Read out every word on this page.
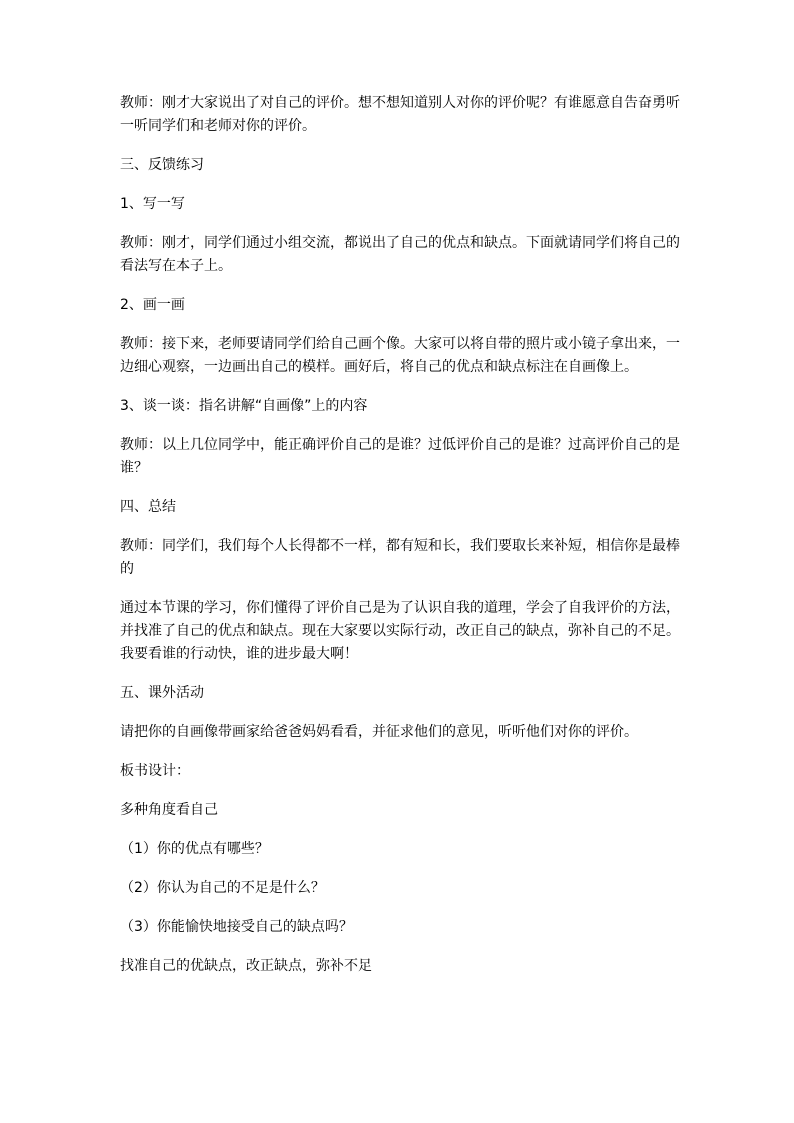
教师：刚才大家说出了对自己的评价。想不想知道别人对你的评价呢？有谁愿意自告奋勇听一听同学们和老师对你的评价。

三、反馈练习

1、写一写

教师：刚才，同学们通过小组交流，都说出了自己的优点和缺点。下面就请同学们将自己的看法写在本子上。

2、画一画

教师：接下来，老师要请同学们给自己画个像。大家可以将自带的照片或小镜子拿出来，一边细心观察，一边画出自己的模样。画好后，将自己的优点和缺点标注在自画像上。

3、谈一谈：指名讲解“自画像”上的内容

教师：以上几位同学中，能正确评价自己的是谁？过低评价自己的是谁？过高评价自己的是谁？

四、总结

教师：同学们，我们每个人长得都不一样，都有短和长，我们要取长来补短，相信你是最棒的

通过本节课的学习，你们懂得了评价自己是为了认识自我的道理，学会了自我评价的方法，并找准了自己的优点和缺点。现在大家要以实际行动，改正自己的缺点，弥补自己的不足。我要看谁的行动快，谁的进步最大啊！

五、课外活动

请把你的自画像带画家给爸爸妈妈看看，并征求他们的意见，听听他们对你的评价。

板书设计：

多种角度看自己

（1）你的优点有哪些？

（2）你认为自己的不足是什么？

（3）你能愉快地接受自己的缺点吗？

找准自己的优缺点，改正缺点，弥补不足
